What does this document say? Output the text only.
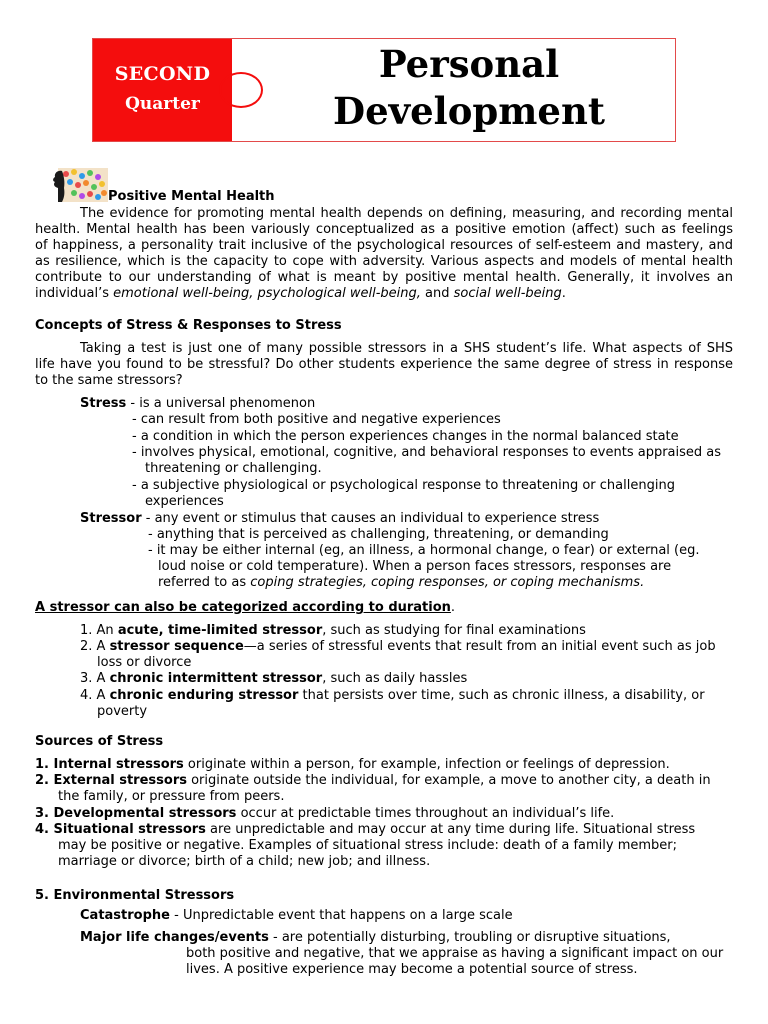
SECOND
Quarter
Personal
Development
Positive Mental Health
The evidence for promoting mental health depends on defining, measuring, and recording mental
health. Mental health has been variously conceptualized as a positive emotion (affect) such as feelings
of happiness, a personality trait inclusive of the psychological resources of self-esteem and mastery, and
as resilience, which is the capacity to cope with adversity. Various aspects and models of mental health
contribute to our understanding of what is meant by positive mental health. Generally, it involves an
individual’s emotional well-being, psychological well-being, and social well-being.
Concepts of Stress & Responses to Stress
Taking a test is just one of many possible stressors in a SHS student’s life. What aspects of SHS
life have you found to be stressful? Do other students experience the same degree of stress in response
to the same stressors?
Stress - is a universal phenomenon
- can result from both positive and negative experiences
- a condition in which the person experiences changes in the normal balanced state
- involves physical, emotional, cognitive, and behavioral responses to events appraised as
threatening or challenging.
- a subjective physiological or psychological response to threatening or challenging
experiences
Stressor - any event or stimulus that causes an individual to experience stress
- anything that is perceived as challenging, threatening, or demanding
- it may be either internal (eg, an illness, a hormonal change, o fear) or external (eg.
loud noise or cold temperature). When a person faces stressors, responses are
referred to as coping strategies, coping responses, or coping mechanisms.
A stressor can also be categorized according to duration.
1. An acute, time-limited stressor, such as studying for final examinations
2. A stressor sequence—a series of stressful events that result from an initial event such as job
loss or divorce
3. A chronic intermittent stressor, such as daily hassles
4. A chronic enduring stressor that persists over time, such as chronic illness, a disability, or
poverty
Sources of Stress
1. Internal stressors originate within a person, for example, infection or feelings of depression.
2. External stressors originate outside the individual, for example, a move to another city, a death in
the family, or pressure from peers.
3. Developmental stressors occur at predictable times throughout an individual’s life.
4. Situational stressors are unpredictable and may occur at any time during life. Situational stress
may be positive or negative. Examples of situational stress include: death of a family member;
marriage or divorce; birth of a child; new job; and illness.
5. Environmental Stressors
Catastrophe - Unpredictable event that happens on a large scale
Major life changes/events - are potentially disturbing, troubling or disruptive situations,
both positive and negative, that we appraise as having a significant impact on our
lives. A positive experience may become a potential source of stress.
